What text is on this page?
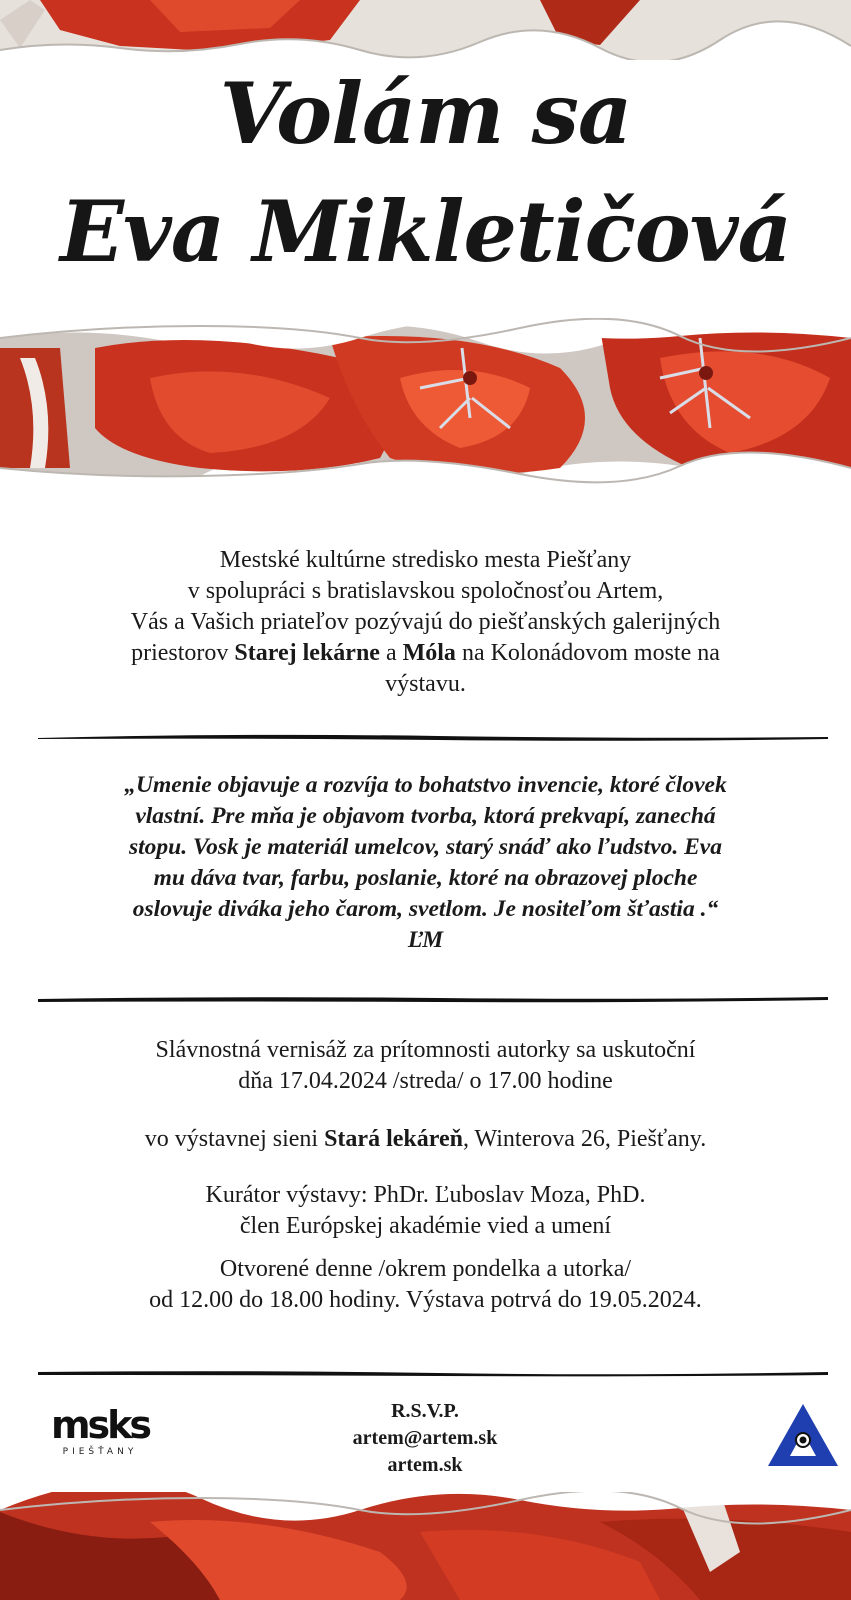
Volám sa
Eva Mikletičová
Mestské kultúrne stredisko mesta Piešťany
v spolupráci s bratislavskou spoločnosťou Artem,
Vás a Vašich priateľov pozývajú do piešťanských galerijných
priestorov Starej lekárne a Móla na Kolonádovom moste na
výstavu.
„Umenie objavuje a rozvíja to bohatstvo invencie, ktoré človek
vlastní. Pre mňa je objavom tvorba, ktorá prekvapí, zanechá
stopu. Vosk je materiál umelcov, starý snáď ako ľudstvo. Eva
mu dáva tvar, farbu, poslanie, ktoré na obrazovej ploche
oslovuje diváka jeho čarom, svetlom. Je nositeľom šťastia .“
ĽM
Slávnostná vernisáž za prítomnosti autorky sa uskutoční
dňa 17.04.2024 /streda/ o 17.00 hodine
vo výstavnej sieni Stará lekáreň, Winterova 26, Piešťany.
Kurátor výstavy: PhDr. Ľuboslav Moza, PhD.
člen Európskej akadémie vied a umení
Otvorené denne /okrem pondelka a utorka/
od 12.00 do 18.00 hodiny. Výstava potrvá do 19.05.2024.
msks
PIEŠŤANY
R.S.V.P.
artem@artem.sk
artem.sk
